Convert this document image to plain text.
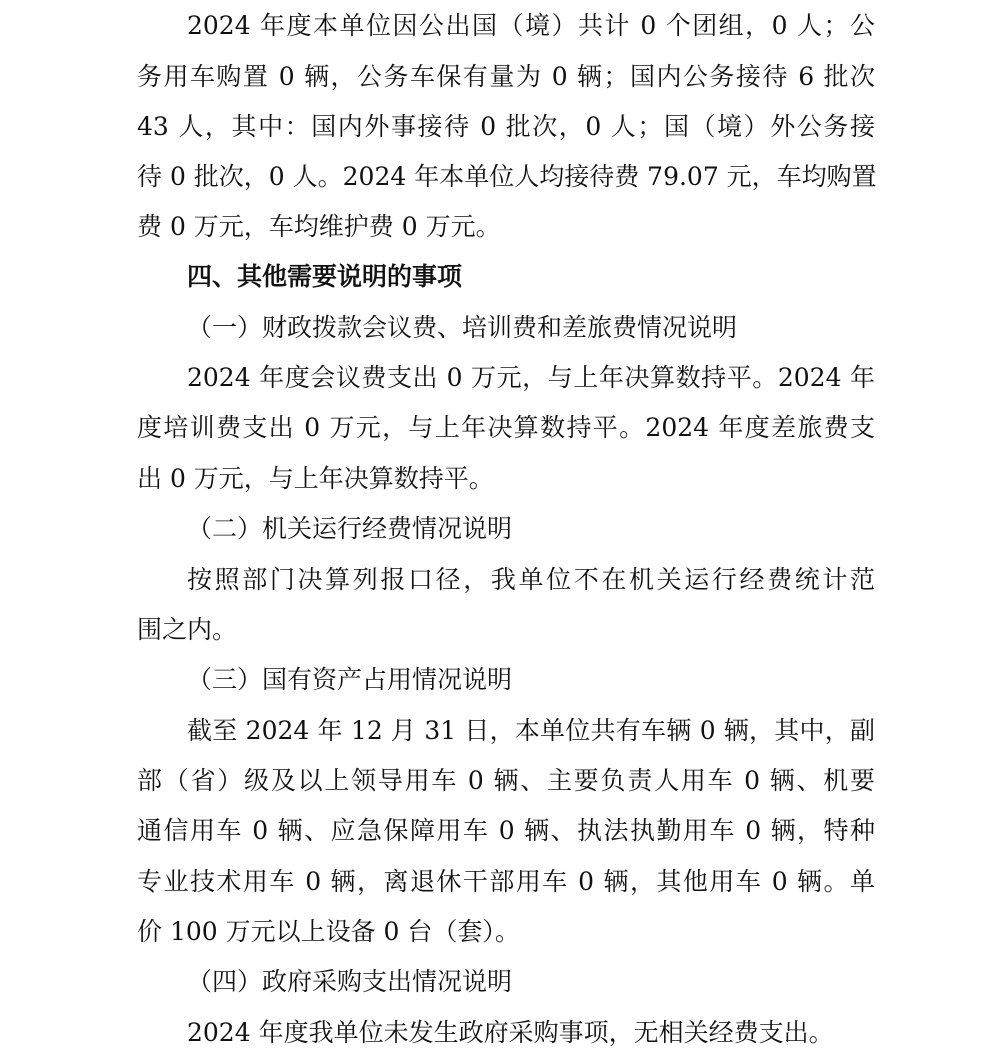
2024 年度本单位因公出国（境）共计 0 个团组，0 人；公
务用车购置 0 辆，公务车保有量为 0 辆；国内公务接待 6 批次
43 人，其中：国内外事接待 0 批次，0 人；国（境）外公务接
待 0 批次，0 人。2024 年本单位人均接待费 79.07 元，车均购置
费 0 万元，车均维护费 0 万元。
四、其他需要说明的事项
（一）财政拨款会议费、培训费和差旅费情况说明
2024 年度会议费支出 0 万元，与上年决算数持平。2024 年
度培训费支出 0 万元，与上年决算数持平。2024 年度差旅费支
出 0 万元，与上年决算数持平。
（二）机关运行经费情况说明
按照部门决算列报口径，我单位不在机关运行经费统计范
围之内。
（三）国有资产占用情况说明
截至 2024 年 12 月 31 日，本单位共有车辆 0 辆，其中，副
部（省）级及以上领导用车 0 辆、主要负责人用车 0 辆、机要
通信用车 0 辆、应急保障用车 0 辆、执法执勤用车 0 辆，特种
专业技术用车 0 辆，离退休干部用车 0 辆，其他用车 0 辆。单
价 100 万元以上设备 0 台（套）。
（四）政府采购支出情况说明
2024 年度我单位未发生政府采购事项，无相关经费支出。
